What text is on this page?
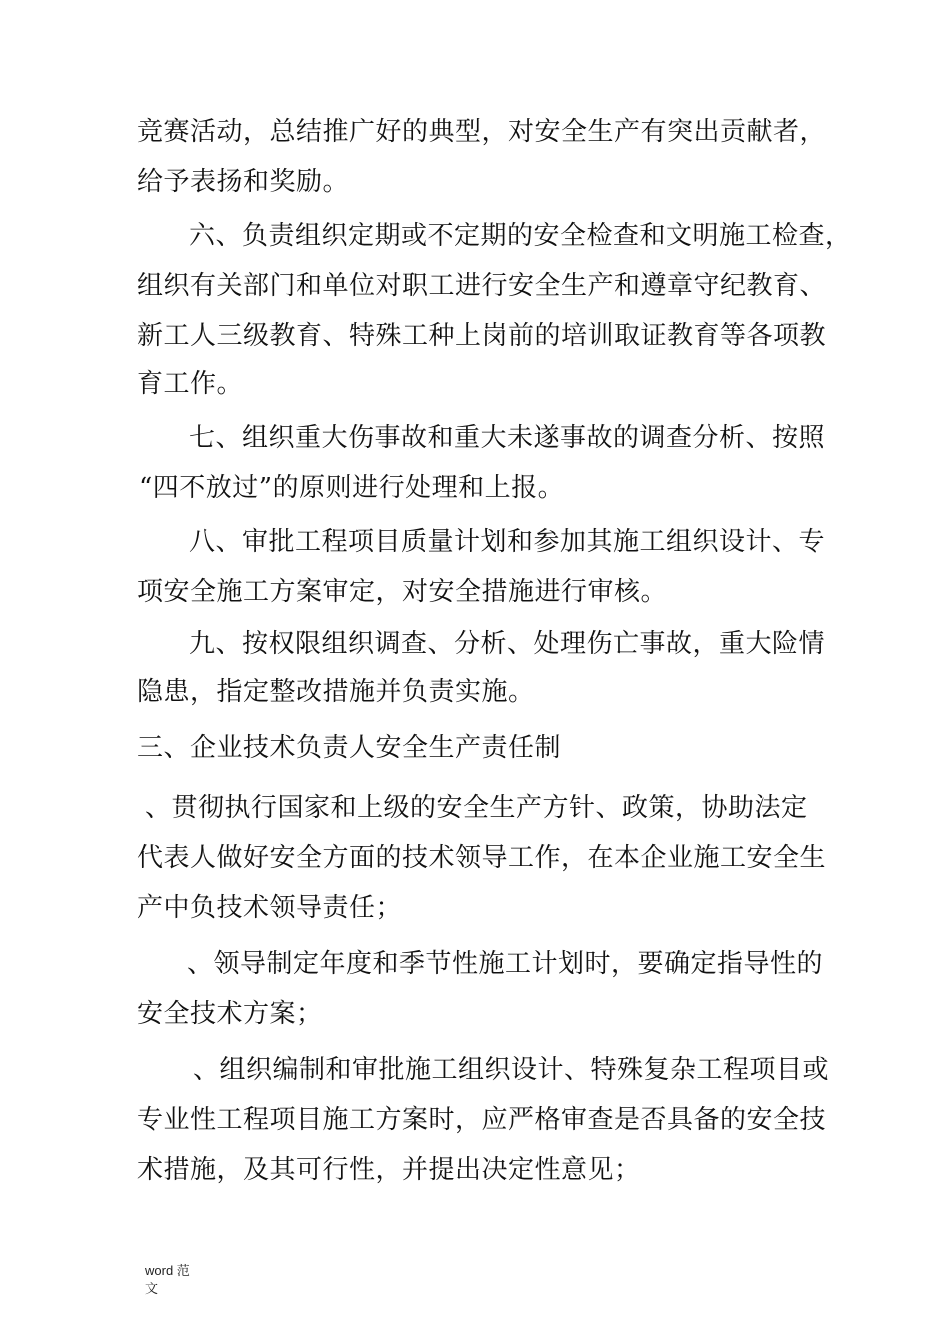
竞赛活动，总结推广好的典型，对安全生产有突出贡献者，
给予表扬和奖励。
六、负责组织定期或不定期的安全检查和文明施工检查，
组织有关部门和单位对职工进行安全生产和遵章守纪教育、
新工人三级教育、特殊工种上岗前的培训取证教育等各项教
育工作。
七、组织重大伤事故和重大未遂事故的调查分析、按照
“四不放过”的原则进行处理和上报。
八、审批工程项目质量计划和参加其施工组织设计、专
项安全施工方案审定，对安全措施进行审核。
九、按权限组织调查、分析、处理伤亡事故，重大险情
隐患，指定整改措施并负责实施。
三、企业技术负责人安全生产责任制
、贯彻执行国家和上级的安全生产方针、政策，协助法定
代表人做好安全方面的技术领导工作，在本企业施工安全生
产中负技术领导责任；
、领导制定年度和季节性施工计划时，要确定指导性的
安全技术方案；
、组织编制和审批施工组织设计、特殊复杂工程项目或
专业性工程项目施工方案时，应严格审查是否具备的安全技
术措施，及其可行性，并提出决定性意见；
word 范
文
